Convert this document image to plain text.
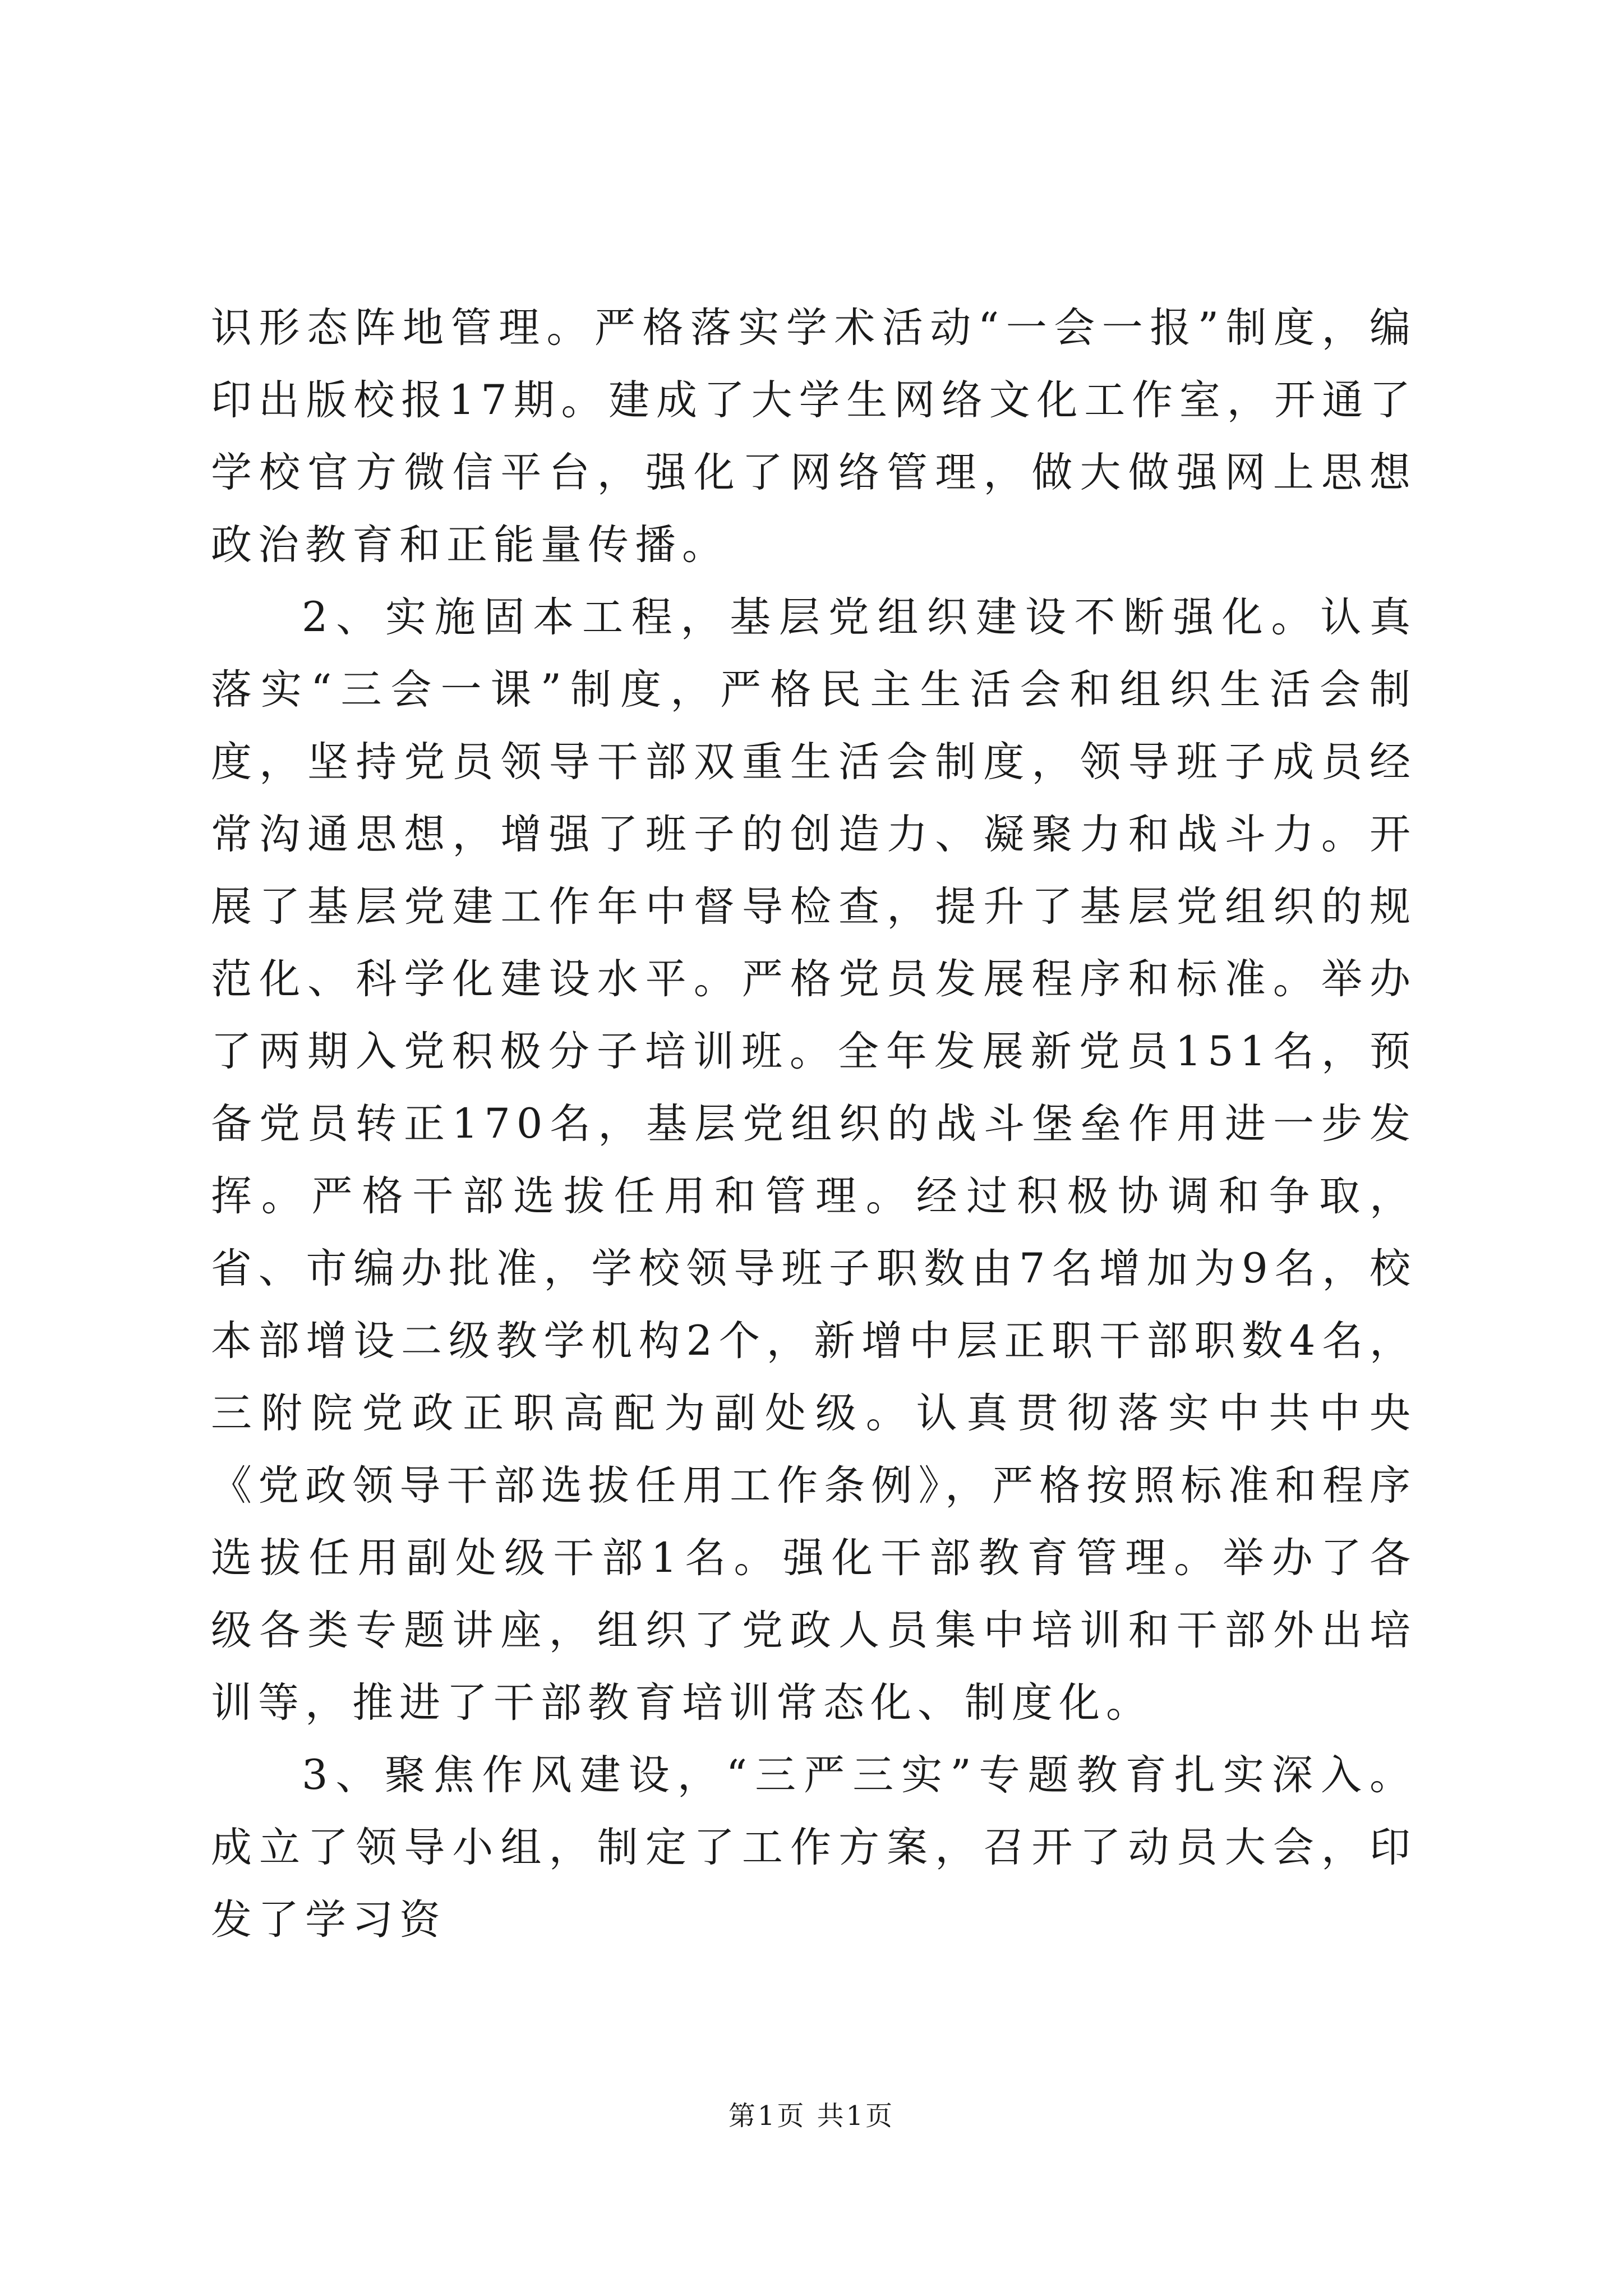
识形态阵地管理。严格落实学术活动“一会一报”制度，编印出版校报17期。建成了大学生网络文化工作室，开通了学校官方微信平台，强化了网络管理，做大做强网上思想政治教育和正能量传播。

2、实施固本工程，基层党组织建设不断强化。认真落实“三会一课”制度，严格民主生活会和组织生活会制度，坚持党员领导干部双重生活会制度，领导班子成员经常沟通思想，增强了班子的创造力、凝聚力和战斗力。开展了基层党建工作年中督导检查，提升了基层党组织的规范化、科学化建设水平。严格党员发展程序和标准。举办了两期入党积极分子培训班。全年发展新党员151名，预备党员转正170名，基层党组织的战斗堡垒作用进一步发挥。严格干部选拔任用和管理。经过积极协调和争取，省、市编办批准，学校领导班子职数由7名增加为9名，校本部增设二级教学机构2个，新增中层正职干部职数4名，三附院党政正职高配为副处级。认真贯彻落实中共中央《党政领导干部选拔任用工作条例》，严格按照标准和程序选拔任用副处级干部1名。强化干部教育管理。举办了各级各类专题讲座，组织了党政人员集中培训和干部外出培训等，推进了干部教育培训常态化、制度化。

3、聚焦作风建设，“三严三实”专题教育扎实深入。成立了领导小组，制定了工作方案，召开了动员大会，印发了学习资

第1页 共1页
